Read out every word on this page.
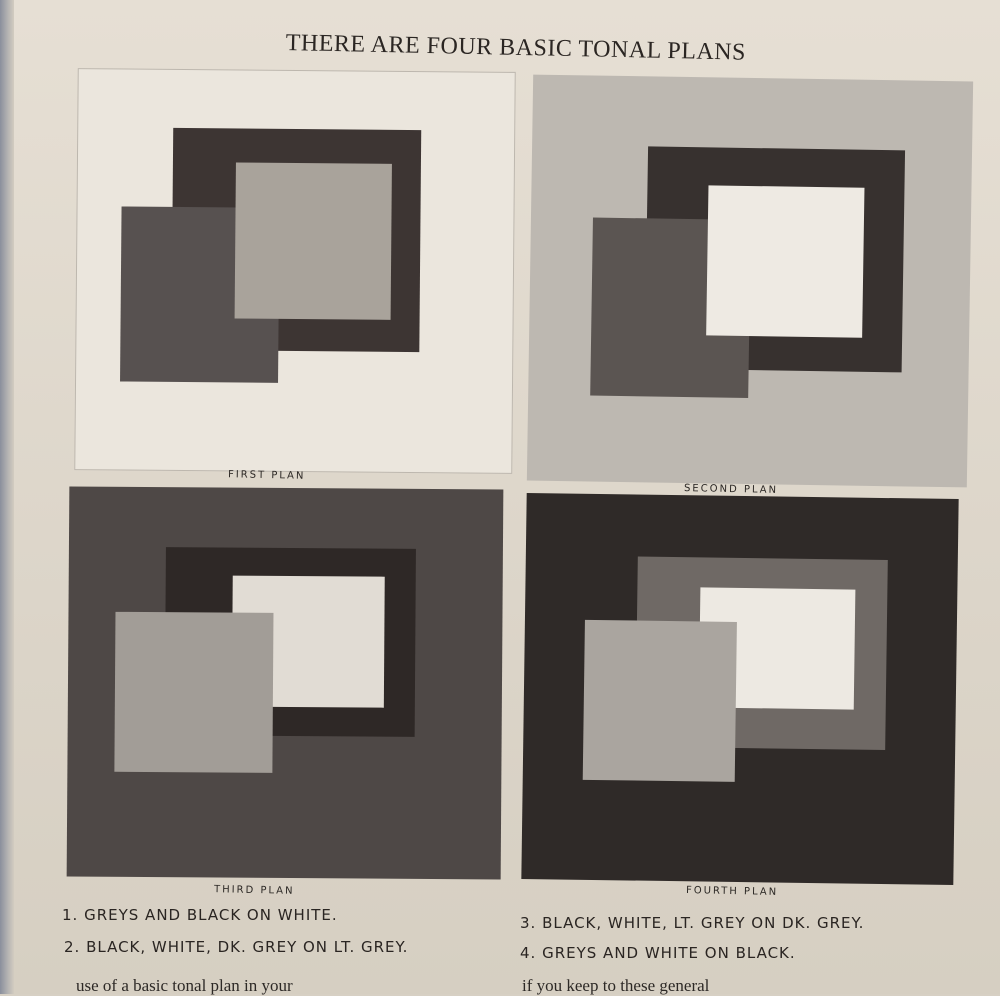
THERE ARE FOUR BASIC TONAL PLANS
FIRST PLAN
SECOND PLAN
THIRD PLAN	FOURTH PLAN
1. GREYS AND BLACK ON WHITE.
2. BLACK, WHITE, DK. GREY ON LT. GREY.
3. BLACK, WHITE, LT. GREY ON DK. GREY.
4. GREYS AND WHITE ON BLACK.
use of a basic tonal plan in your	if you keep to these general
